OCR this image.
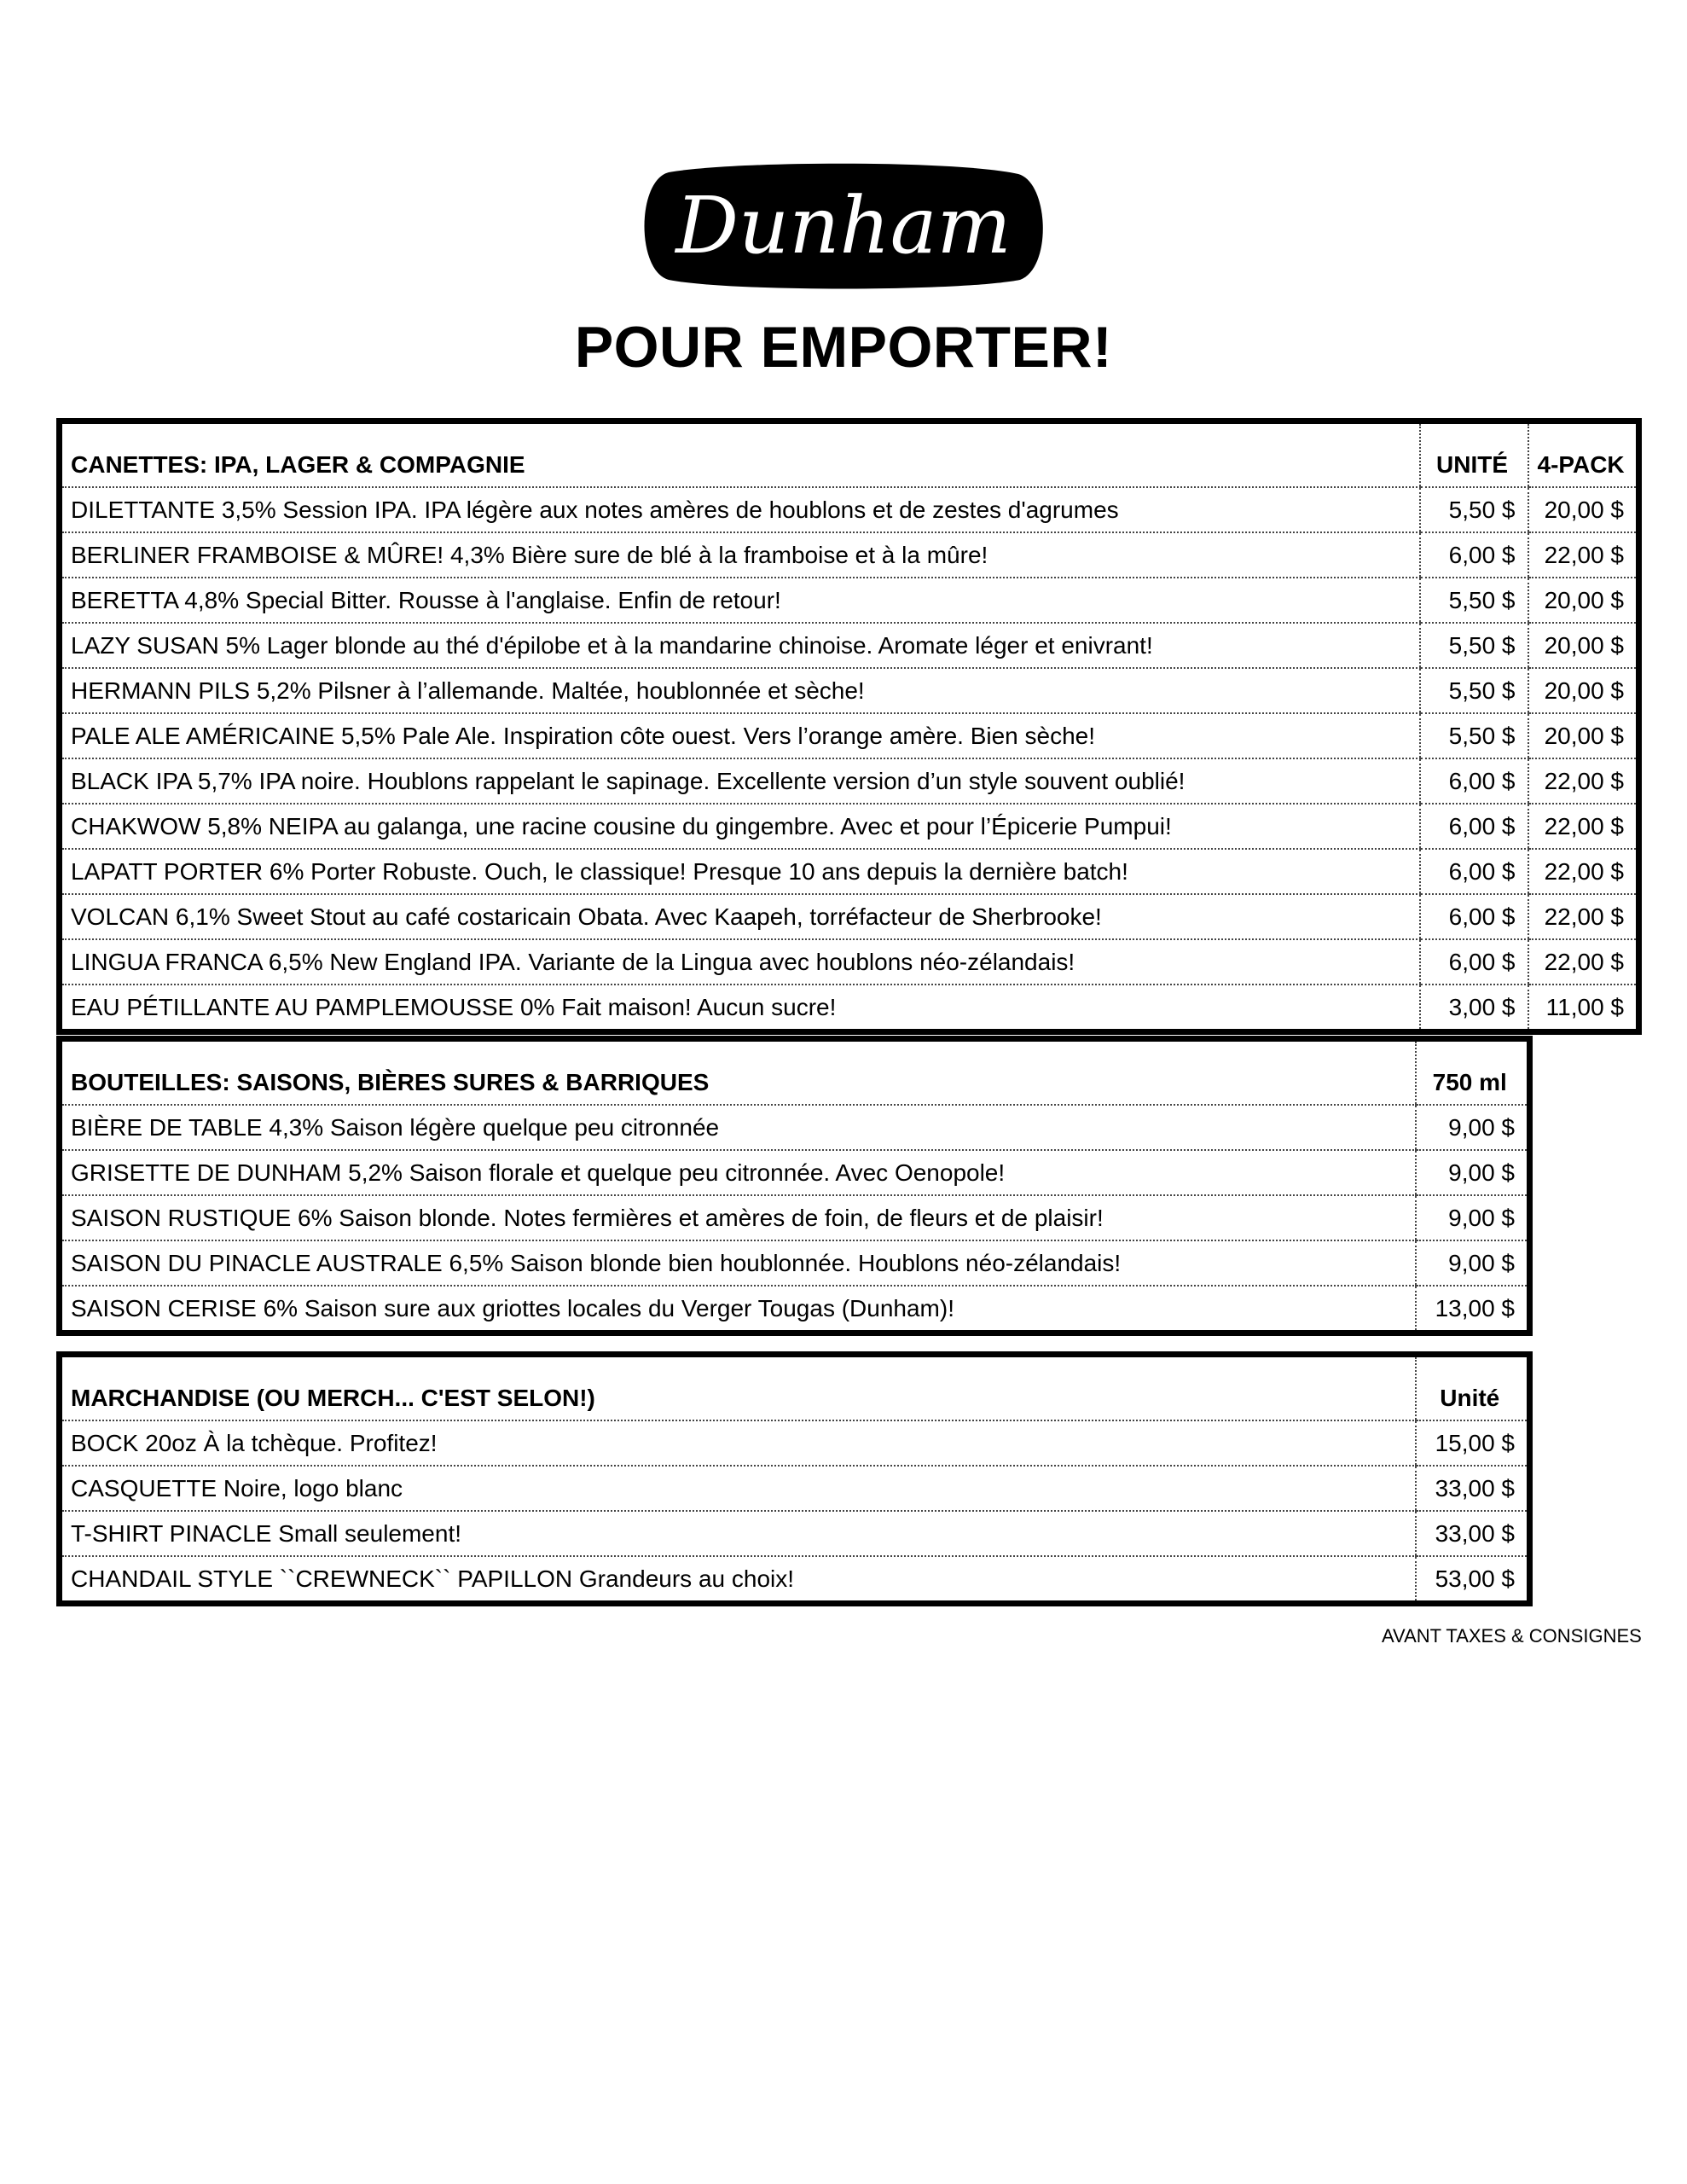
Dunham
POUR EMPORTER!
CANETTES: IPA, LAGER & COMPAGNIE	UNITÉ	4-PACK
DILETTANTE 3,5% Session IPA. IPA légère aux notes amères de houblons et de zestes d'agrumes	5,50 $	20,00 $
BERLINER FRAMBOISE & MÛRE! 4,3% Bière sure de blé à la framboise et à la mûre!	6,00 $	22,00 $
BERETTA 4,8% Special Bitter. Rousse à l'anglaise. Enfin de retour!	5,50 $	20,00 $
LAZY SUSAN 5% Lager blonde au thé d'épilobe et à la mandarine chinoise. Aromate léger et enivrant!	5,50 $	20,00 $
HERMANN PILS 5,2% Pilsner à l’allemande. Maltée, houblonnée et sèche!	5,50 $	20,00 $
PALE ALE AMÉRICAINE 5,5% Pale Ale. Inspiration côte ouest. Vers l’orange amère. Bien sèche!	5,50 $	20,00 $
BLACK IPA 5,7% IPA noire. Houblons rappelant le sapinage. Excellente version d’un style souvent oublié!	6,00 $	22,00 $
CHAKWOW 5,8% NEIPA au galanga, une racine cousine du gingembre. Avec et pour l’Épicerie Pumpui!	6,00 $	22,00 $
LAPATT PORTER 6% Porter Robuste. Ouch, le classique! Presque 10 ans depuis la dernière batch!	6,00 $	22,00 $
VOLCAN 6,1% Sweet Stout au café costaricain Obata. Avec Kaapeh, torréfacteur de Sherbrooke!	6,00 $	22,00 $
LINGUA FRANCA 6,5% New England IPA. Variante de la Lingua avec houblons néo-zélandais!	6,00 $	22,00 $
EAU PÉTILLANTE AU PAMPLEMOUSSE 0% Fait maison! Aucun sucre!	3,00 $	11,00 $
BOUTEILLES: SAISONS, BIÈRES SURES & BARRIQUES	750 ml
BIÈRE DE TABLE 4,3% Saison légère quelque peu citronnée	9,00 $
GRISETTE DE DUNHAM 5,2% Saison florale et quelque peu citronnée. Avec Oenopole!	9,00 $
SAISON RUSTIQUE 6% Saison blonde. Notes fermières et amères de foin, de fleurs et de plaisir!	9,00 $
SAISON DU PINACLE AUSTRALE 6,5% Saison blonde bien houblonnée. Houblons néo-zélandais!	9,00 $
SAISON CERISE 6% Saison sure aux griottes locales du Verger Tougas (Dunham)!	13,00 $
MARCHANDISE (OU MERCH... C'EST SELON!)	Unité
BOCK 20oz À la tchèque. Profitez!	15,00 $
CASQUETTE Noire, logo blanc	33,00 $
T-SHIRT PINACLE Small seulement!	33,00 $
CHANDAIL STYLE ``CREWNECK`` PAPILLON Grandeurs au choix!	53,00 $
AVANT TAXES & CONSIGNES
